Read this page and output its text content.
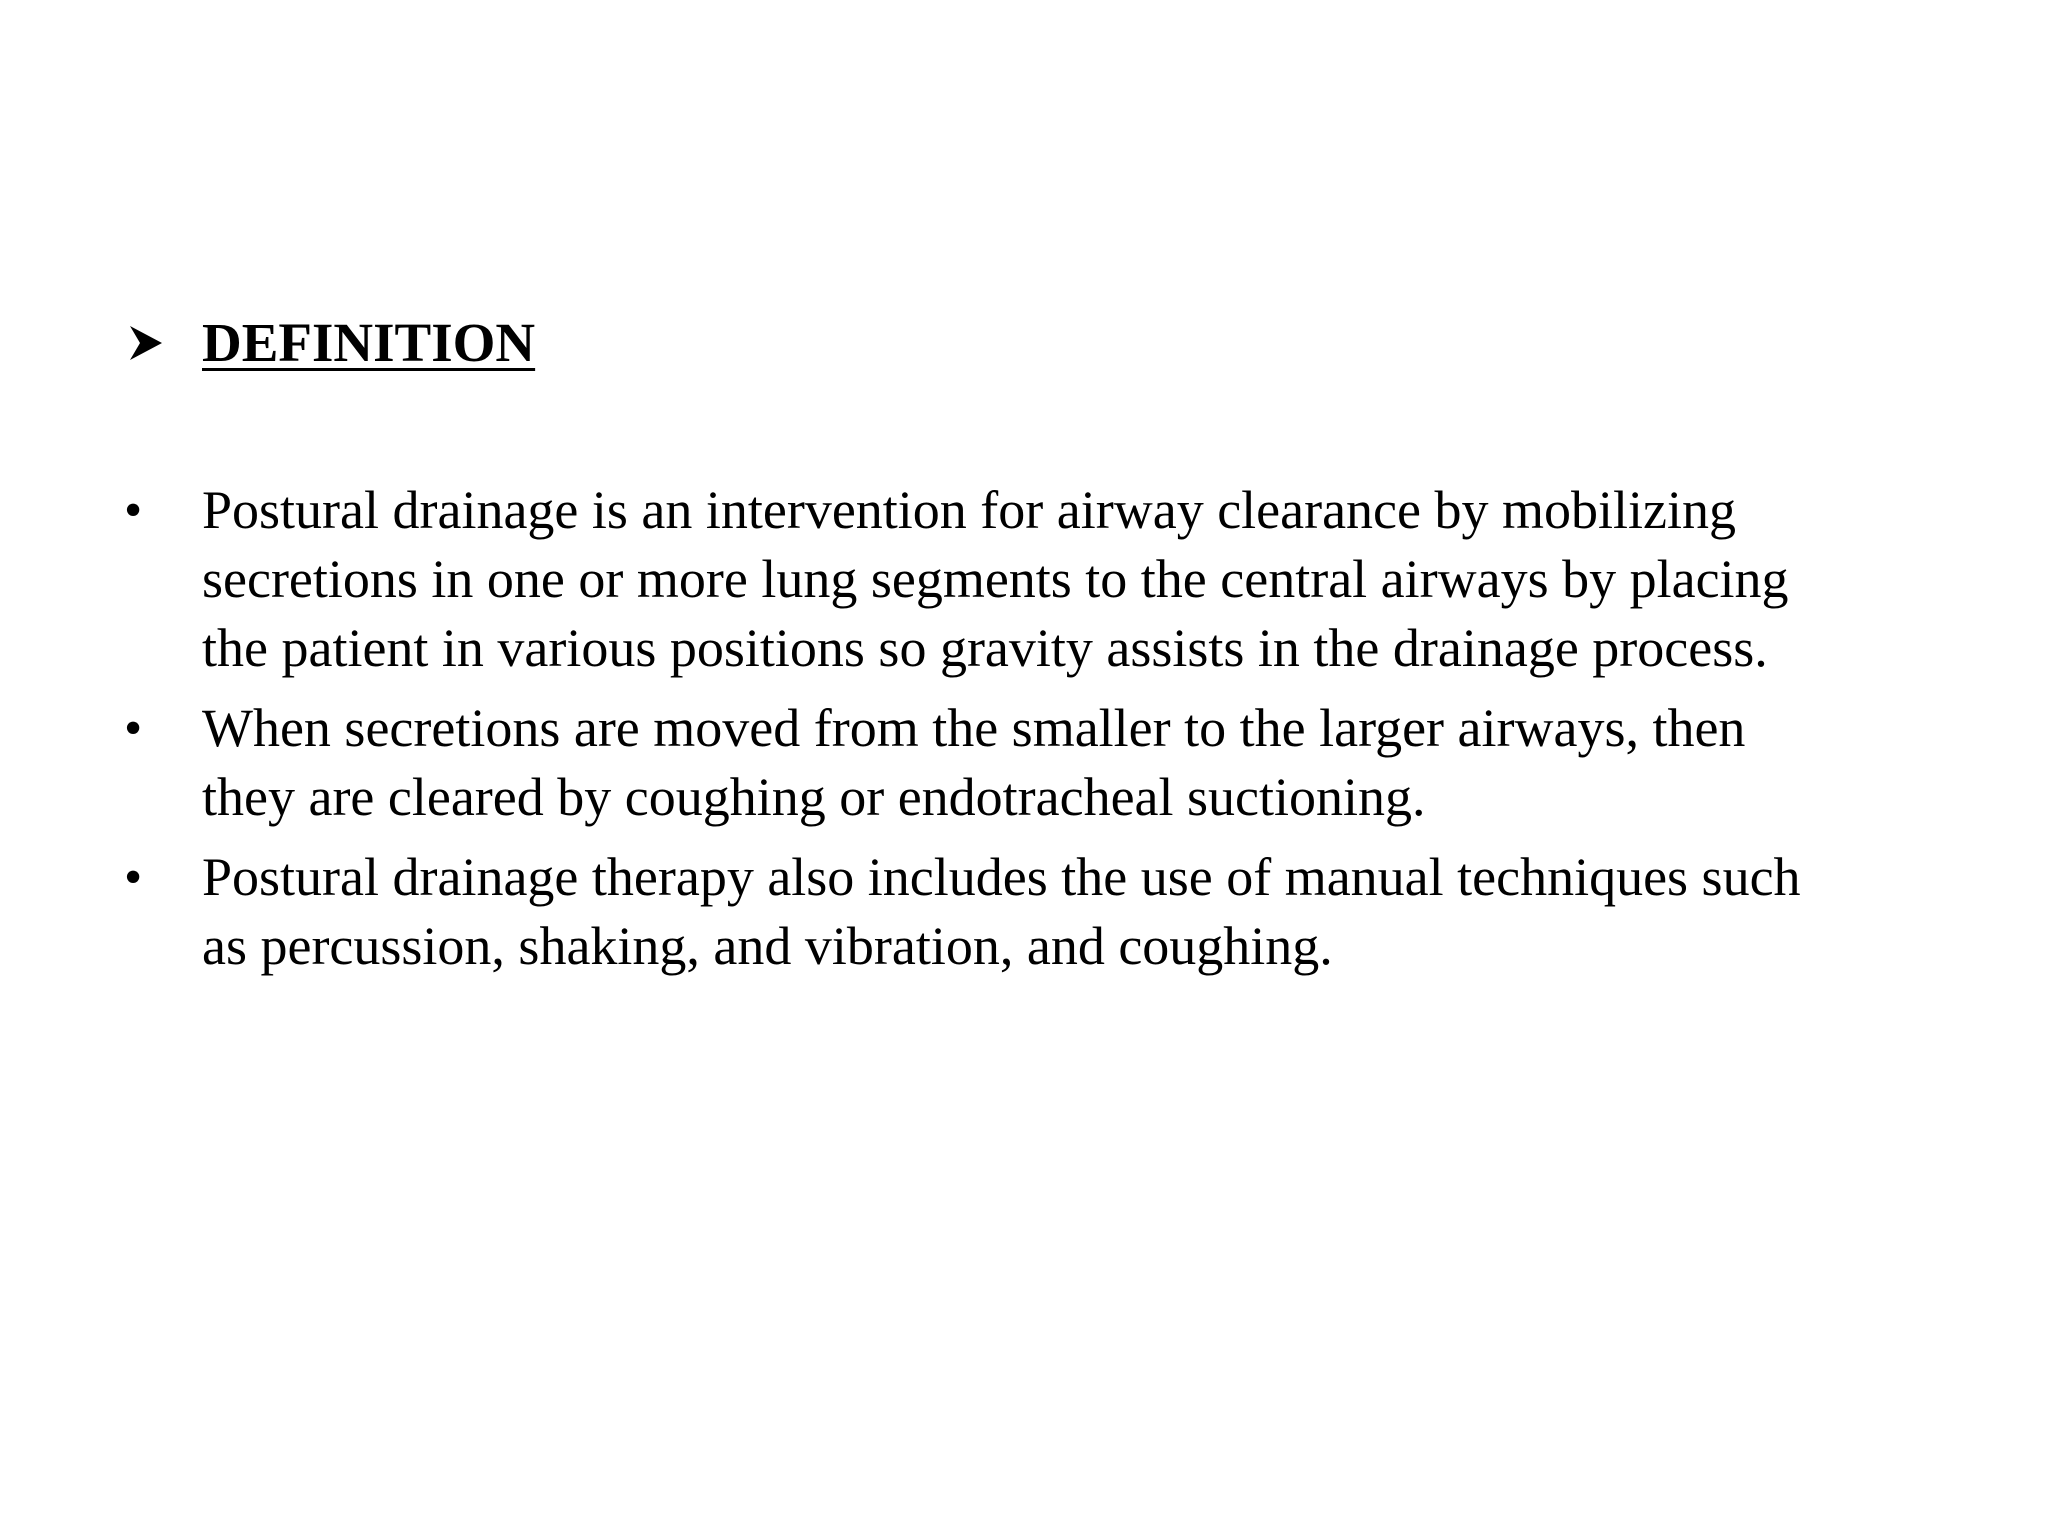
DEFINITION
•	Postural drainage is an intervention for airway clearance by mobilizing
secretions in one or more lung segments to the central airways by placing
the patient in various positions so gravity assists in the drainage process.
•	When secretions are moved from the smaller to the larger airways, then
they are cleared by coughing or endotracheal suctioning.
•	Postural drainage therapy also includes the use of manual techniques such
as percussion, shaking, and vibration, and coughing.
